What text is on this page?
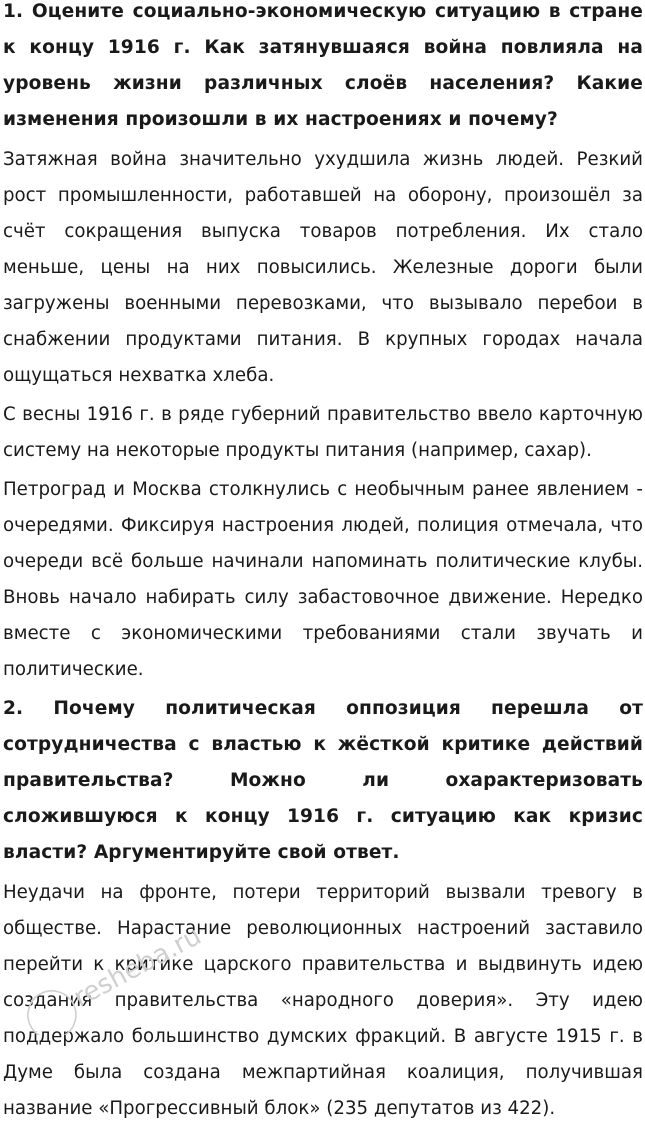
1. Оцените социально-экономическую ситуацию в стране к концу 1916 г. Как затянувшаяся война повлияла на уровень жизни различных слоёв населения? Какие изменения произошли в их настроениях и почему?

Затяжная война значительно ухудшила жизнь людей. Резкий рост промышленности, работавшей на оборону, произошёл за счёт сокращения выпуска товаров потребления. Их стало меньше, цены на них повысились. Железные дороги были загружены военными перевозками, что вызывало перебои в снабжении продуктами питания. В крупных городах начала ощущаться нехватка хлеба.

С весны 1916 г. в ряде губерний правительство ввело карточную систему на некоторые продукты питания (например, сахар).

Петроград и Москва столкнулись с необычным ранее явлением - очередями. Фиксируя настроения людей, полиция отмечала, что очереди всё больше начинали напоминать политические клубы. Вновь начало набирать силу забастовочное движение. Нередко вместе с экономическими требованиями стали звучать и политические.

2. Почему политическая оппозиция перешла от сотрудничества с властью к жёсткой критике действий правительства? Можно ли охарактеризовать сложившуюся к концу 1916 г. ситуацию как кризис власти? Аргументируйте свой ответ.

Неудачи на фронте, потери территорий вызвали тревогу в обществе. Нарастание революционных настроений заставило перейти к критике царского правительства и выдвинуть идею создания правительства «народного доверия». Эту идею поддержало большинство думских фракций. В августе 1915 г. в Думе была создана межпартийная коалиция, получившая название «Прогрессивный блок» (235 депутатов из 422).

resheba.ru
